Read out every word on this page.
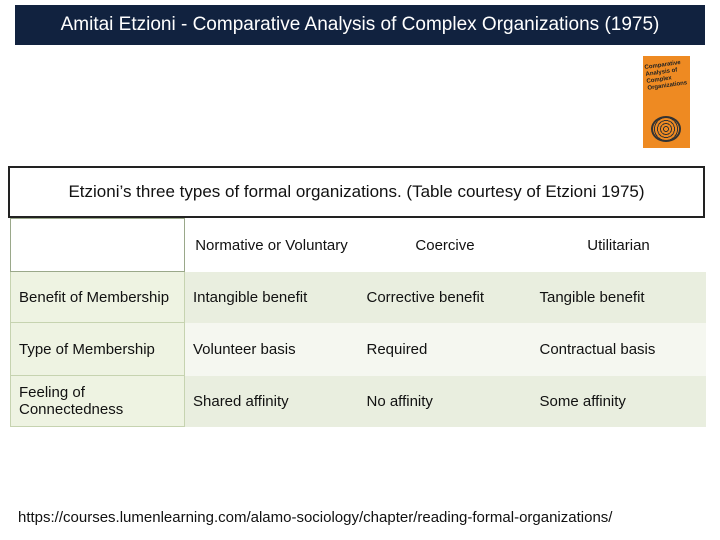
Amitai Etzioni - Comparative Analysis of Complex Organizations (1975)
Comparative Analysis of Complex Organizations
Etzioni’s three types of formal organizations. (Table courtesy of Etzioni 1975)
	Normative or Voluntary	Coercive	Utilitarian
Benefit of Membership	Intangible benefit	Corrective benefit	Tangible benefit
Type of Membership	Volunteer basis	Required	Contractual basis
Feeling of Connectedness	Shared affinity	No affinity	Some affinity
https://courses.lumenlearning.com/alamo-sociology/chapter/reading-formal-organizations/
